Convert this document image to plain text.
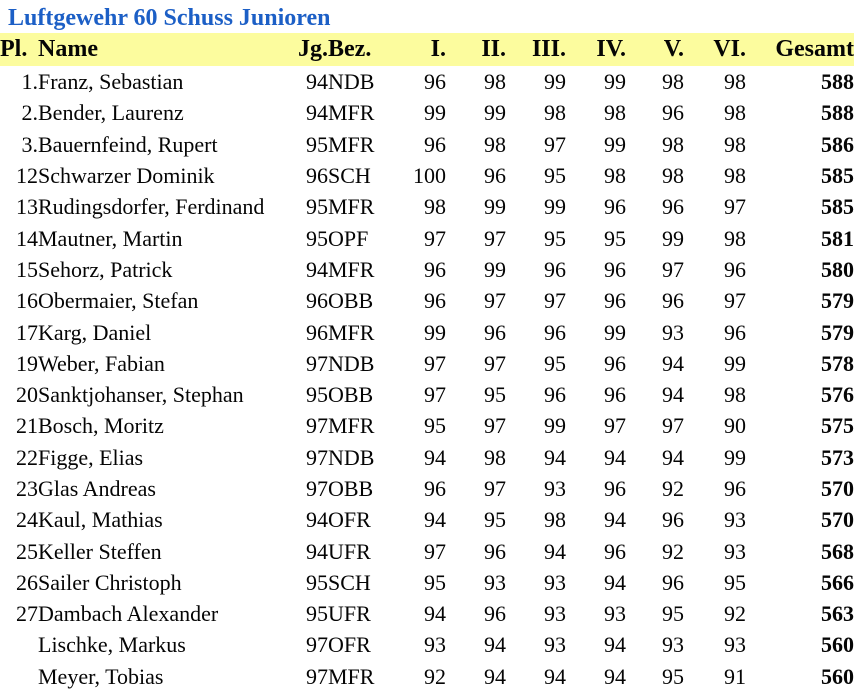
Luftgewehr 60 Schuss Junioren
Pl.	Name	Jg.	Bez.	I.	II.	III.	IV.	V.	VI.	Gesamt
1.	Franz, Sebastian	94	NDB	96	98	99	99	98	98	588
2.	Bender, Laurenz	94	MFR	99	99	98	98	96	98	588
3.	Bauernfeind, Rupert	95	MFR	96	98	97	99	98	98	586
12	Schwarzer Dominik	96	SCH	100	96	95	98	98	98	585
13	Rudingsdorfer, Ferdinand	95	MFR	98	99	99	96	96	97	585
14	Mautner, Martin	95	OPF	97	97	95	95	99	98	581
15	Sehorz, Patrick	94	MFR	96	99	96	96	97	96	580
16	Obermaier, Stefan	96	OBB	96	97	97	96	96	97	579
17	Karg, Daniel	96	MFR	99	96	96	99	93	96	579
19	Weber, Fabian	97	NDB	97	97	95	96	94	99	578
20	Sanktjohanser, Stephan	95	OBB	97	95	96	96	94	98	576
21	Bosch, Moritz	97	MFR	95	97	99	97	97	90	575
22	Figge, Elias	97	NDB	94	98	94	94	94	99	573
23	Glas Andreas	97	OBB	96	97	93	96	92	96	570
24	Kaul, Mathias	94	OFR	94	95	98	94	96	93	570
25	Keller Steffen	94	UFR	97	96	94	96	92	93	568
26	Sailer Christoph	95	SCH	95	93	93	94	96	95	566
27	Dambach Alexander	95	UFR	94	96	93	93	95	92	563
	Lischke, Markus	97	OFR	93	94	93	94	93	93	560
	Meyer, Tobias	97	MFR	92	94	94	94	95	91	560
